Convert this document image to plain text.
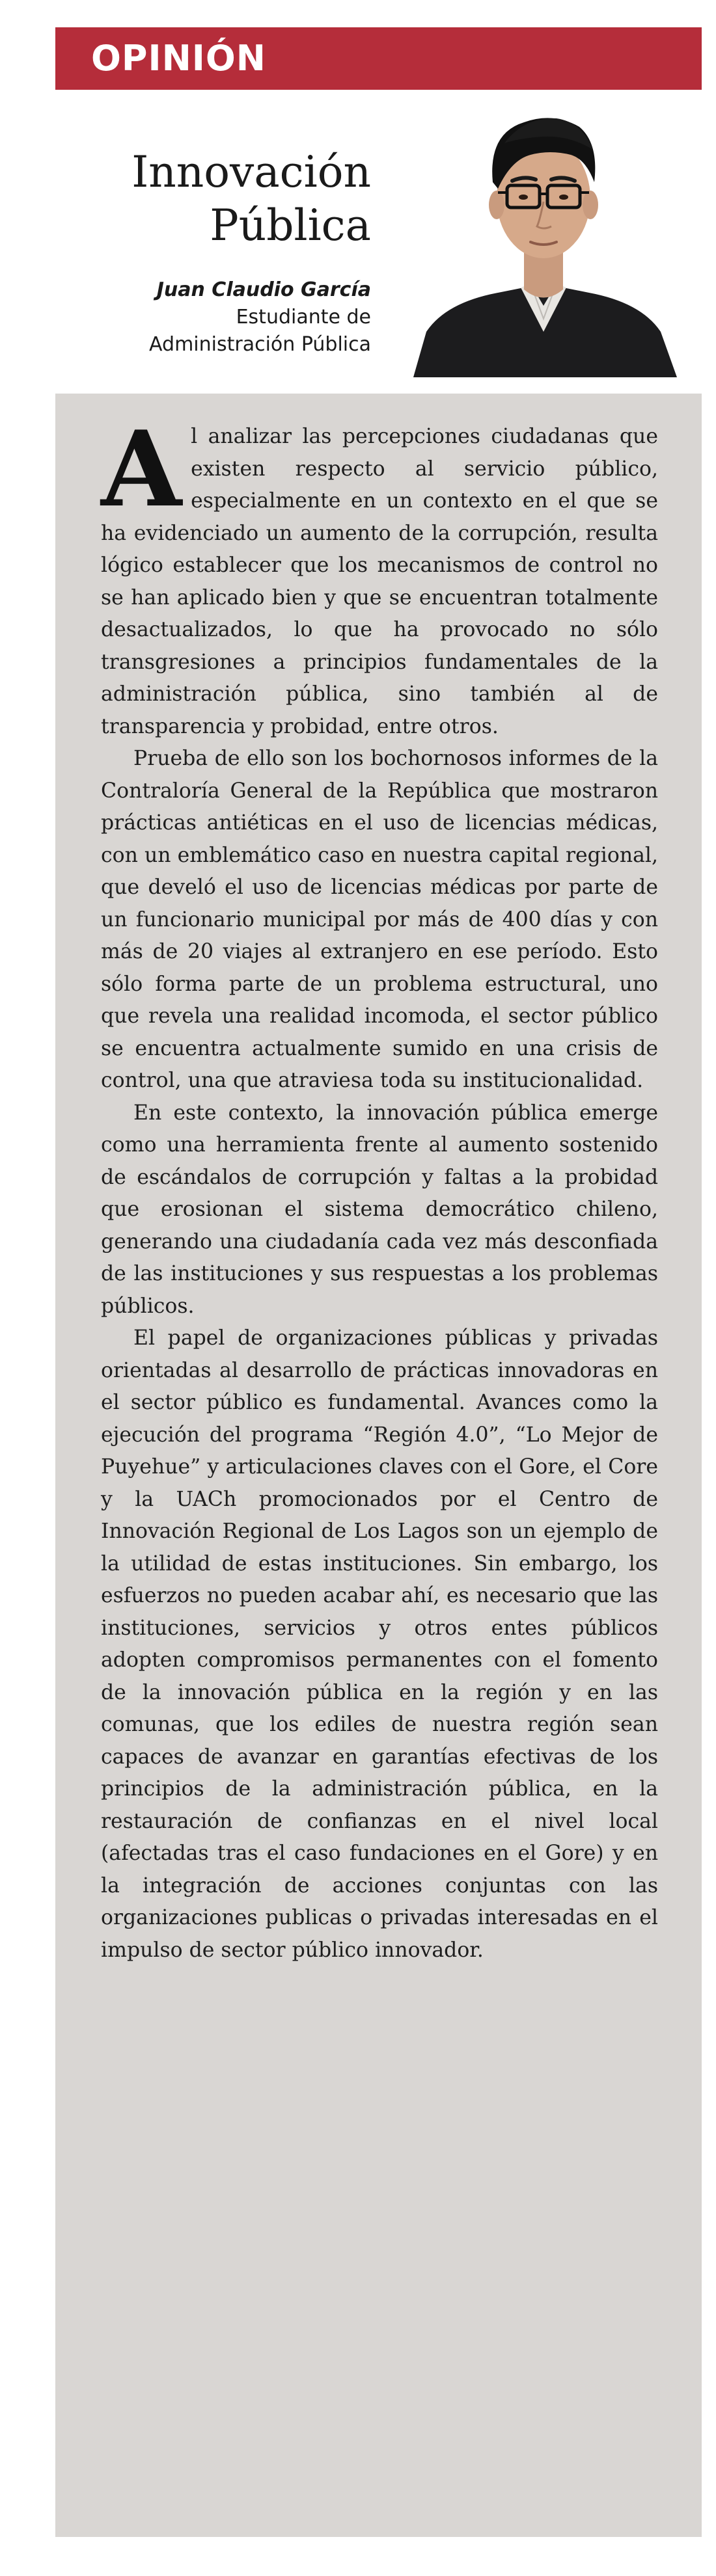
OPINIÓN
Innovación
Pública
Juan Claudio García
Estudiante de
Administración Pública

Al analizar las percepciones ciudadanas que existen respecto al servicio público, especialmente en un contexto en el que se ha evidenciado un aumento de la corrupción, resulta lógico establecer que los mecanismos de control no se han aplicado bien y que se encuentran totalmente desactualizados, lo que ha provocado no sólo transgresiones a principios fundamentales de la administración pública, sino también al de transparencia y probidad, entre otros.

Prueba de ello son los bochornosos informes de la Contraloría General de la República que mostraron prácticas antiéticas en el uso de licencias médicas, con un emblemático caso en nuestra capital regional, que develó el uso de licencias médicas por parte de un funcionario municipal por más de 400 días y con más de 20 viajes al extranjero en ese período. Esto sólo forma parte de un problema estructural, uno que revela una realidad incomoda, el sector público se encuentra actualmente sumido en una crisis de control, una que atraviesa toda su institucionalidad.

En este contexto, la innovación pública emerge como una herramienta frente al aumento sostenido de escándalos de corrupción y faltas a la probidad que erosionan el sistema democrático chileno, generando una ciudadanía cada vez más desconfiada de las instituciones y sus respuestas a los problemas públicos.

El papel de organizaciones públicas y privadas orientadas al desarrollo de prácticas innovadoras en el sector público es fundamental. Avances como la ejecución del programa “Región 4.0”, “Lo Mejor de Puyehue” y articulaciones claves con el Gore, el Core y la UACh promocionados por el Centro de Innovación Regional de Los Lagos son un ejemplo de la utilidad de estas instituciones. Sin embargo, los esfuerzos no pueden acabar ahí, es necesario que las instituciones, servicios y otros entes públicos adopten compromisos permanentes con el fomento de la innovación pública en la región y en las comunas, que los ediles de nuestra región sean capaces de avanzar en garantías efectivas de los principios de la administración pública, en la restauración de confianzas en el nivel local (afectadas tras el caso fundaciones en el Gore) y en la integración de acciones conjuntas con las organizaciones publicas o privadas interesadas en el impulso de sector público innovador.
